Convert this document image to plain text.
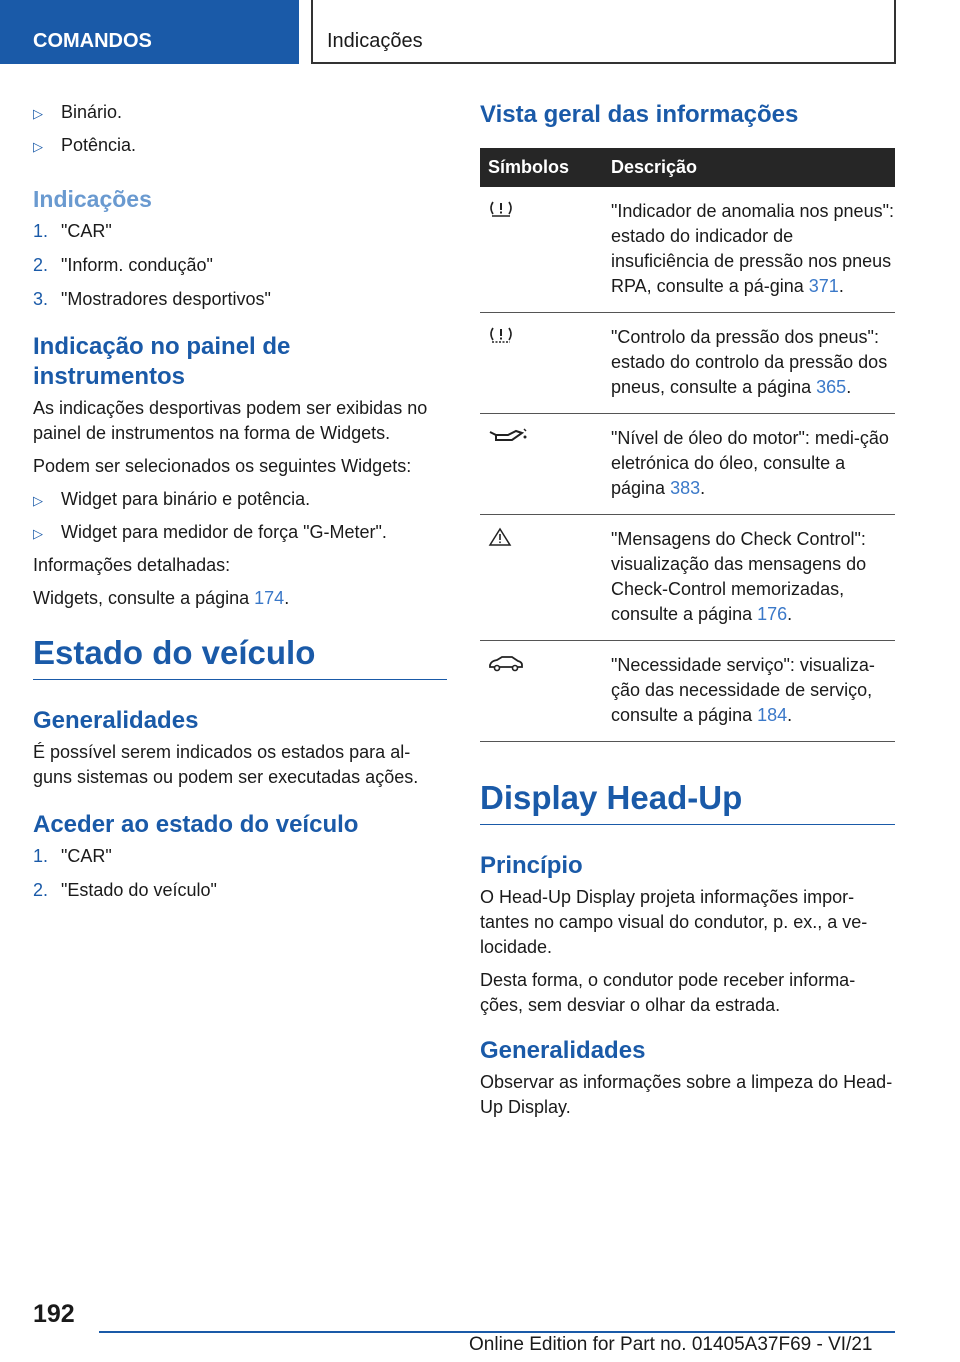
COMANDOS	Indicações
▷	Binário.
▷	Potência.
Indicações
1. "CAR"
2. "Inform. condução"
3. "Mostradores desportivos"
Indicação no painel de instrumentos
As indicações desportivas podem ser exibidas no painel de instrumentos na forma de Widgets.
Podem ser selecionados os seguintes Widgets:
▷	Widget para binário e potência.
▷	Widget para medidor de força "G-Meter".
Informações detalhadas:
Widgets, consulte a página 174.
Estado do veículo
Generalidades
É possível serem indicados os estados para al-guns sistemas ou podem ser executadas ações.
Aceder ao estado do veículo
1. "CAR"
2. "Estado do veículo"
Vista geral das informações
Símbolos	Descrição

	"Indicador de anomalia nos pneus": estado do indicador de insuficiência de pressão nos pneus RPA, consulte a pá-gina 371.

	"Controlo da pressão dos pneus": estado do controlo da pressão dos pneus, consulte a página 365.

	"Nível de óleo do motor": medi-ção eletrónica do óleo, consulte a página 383.

	"Mensagens do Check Control": visualização das mensagens do Check-Control memorizadas, consulte a página 176.

	"Necessidade serviço": visualiza-ção das necessidade de serviço, consulte a página 184.
Display Head-Up
Princípio
O Head-Up Display projeta informações impor-tantes no campo visual do condutor, p. ex., a ve-locidade.
Desta forma, o condutor pode receber informa-ções, sem desviar o olhar da estrada.
Generalidades
Observar as informações sobre a limpeza do Head-Up Display.
192
Online Edition for Part no. 01405A37F69 - VI/21
